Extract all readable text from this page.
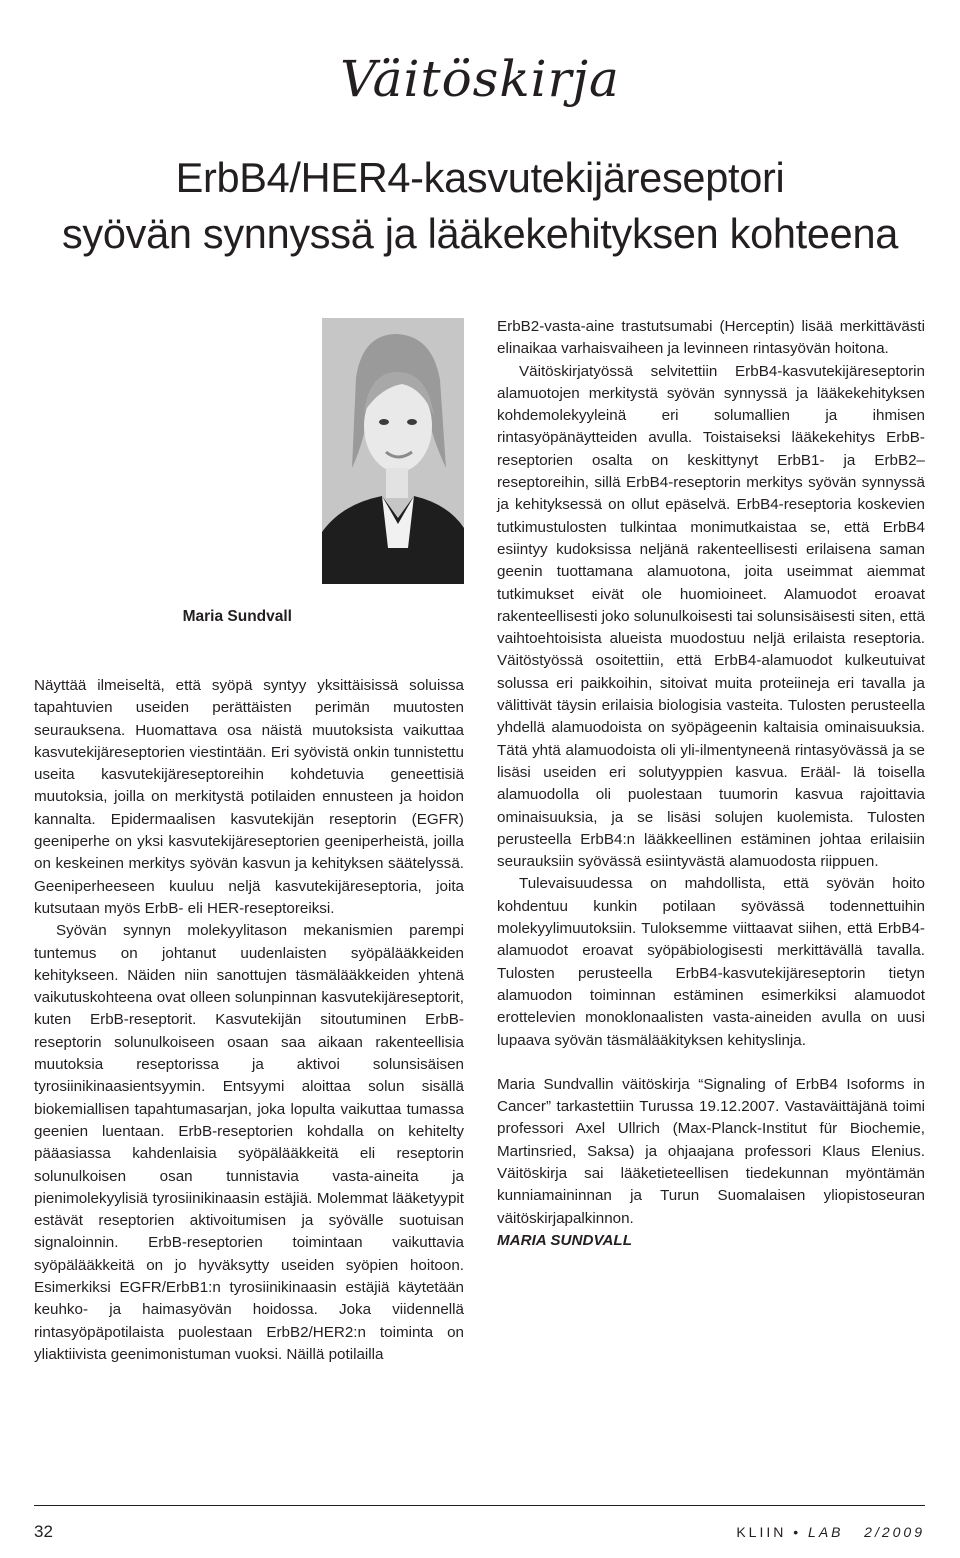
Väitöskirja
ErbB4/HER4-kasvutekijäreseptori
syövän synnyssä ja lääkekehityksen kohteena
Maria Sundvall

Näyttää ilmeiseltä, että syöpä syntyy yksittäisissä soluissa tapahtuvien useiden perättäisten perimän muutosten seurauksena. Huomattava osa näistä muutoksista vaikuttaa kasvutekijäreseptorien viestintään. Eri syövistä onkin tunnistettu useita kasvutekijäreseptoreihin kohdetuvia geneettisiä muutoksia, joilla on merkitystä potilaiden ennusteen ja hoidon kannalta. Epidermaalisen kasvutekijän reseptorin (EGFR) geeniperhe on yksi kasvutekijäreseptorien geeniperheistä, joilla on keskeinen merkitys syövän kasvun ja kehityksen säätelyssä. Geeniperheeseen kuuluu neljä kasvutekijäreseptoria, joita kutsutaan myös ErbB- eli HER-reseptoreiksi.

Syövän synnyn molekyylitason mekanismien parempi tuntemus on johtanut uudenlaisten syöpälääkkeiden kehitykseen. Näiden niin sanottujen täsmälääkkeiden yhtenä vaikutuskohteena ovat olleen solunpinnan kasvutekijäreseptorit, kuten ErbB-reseptorit. Kasvutekijän sitoutuminen ErbB-reseptorin solunulkoiseen osaan saa aikaan rakenteellisia muutoksia reseptorissa ja aktivoi solunsisäisen tyrosiinikinaasientsyymin. Entsyymi aloittaa solun sisällä biokemiallisen tapahtumasarjan, joka lopulta vaikuttaa tumassa geenien luentaan. ErbB-reseptorien kohdalla on kehitelty pääasiassa kahdenlaisia syöpälääkkeitä eli reseptorin solunulkoisen osan tunnistavia vasta-aineita ja pienimolekyylisiä tyrosiinikinaasin estäjiä. Molemmat lääketyypit estävät reseptorien aktivoitumisen ja syövälle suotuisan signaloinnin. ErbB-reseptorien toimintaan vaikuttavia syöpälääkkeitä on jo hyväksytty useiden syöpien hoitoon. Esimerkiksi EGFR/ErbB1:n tyrosiinikinaasin estäjiä käytetään keuhko- ja haimasyövän hoidossa. Joka viidennellä rintasyöpäpotilaista puolestaan ErbB2/HER2:n toiminta on yliaktiivista geenimonistuman vuoksi. Näillä potilailla

ErbB2-vasta-aine trastutsumabi (Herceptin) lisää merkittävästi elinaikaa varhaisvaiheen ja levinneen rintasyövän hoitona.

Väitöskirjatyössä selvitettiin ErbB4-kasvutekijäreseptorin alamuotojen merkitystä syövän synnyssä ja lääkekehityksen kohdemolekyyleinä eri solumallien ja ihmisen rintasyöpänäytteiden avulla. Toistaiseksi lääkekehitys ErbB-reseptorien osalta on keskittynyt ErbB1- ja ErbB2–reseptoreihin, sillä ErbB4-reseptorin merkitys syövän synnyssä ja kehityksessä on ollut epäselvä. ErbB4-reseptoria koskevien tutkimustulosten tulkintaa monimutkaistaa se, että ErbB4 esiintyy kudoksissa neljänä rakenteellisesti erilaisena saman geenin tuottamana alamuotona, joita useimmat aiemmat tutkimukset eivät ole huomioineet. Alamuodot eroavat rakenteellisesti joko solunulkoisesti tai solunsisäisesti siten, että vaihtoehtoisista alueista muodostuu neljä erilaista reseptoria. Väitöstyössä osoitettiin, että ErbB4-alamuodot kulkeutuivat solussa eri paikkoihin, sitoivat muita proteiineja eri tavalla ja välittivät täysin erilaisia biologisia vasteita. Tulosten perusteella yhdellä alamuodoista on syöpägeenin kaltaisia ominaisuuksia. Tätä yhtä alamuodoista oli yli-ilmentyneenä rintasyövässä ja se lisäsi useiden eri solutyyppien kasvua. Erääl- lä toisella alamuodolla oli puolestaan tuumorin kasvua rajoittavia ominaisuuksia, ja se lisäsi solujen kuolemista. Tulosten perusteella ErbB4:n lääkkeellinen estäminen johtaa erilaisiin seurauksiin syövässä esiintyvästä alamuodosta riippuen.

Tulevaisuudessa on mahdollista, että syövän hoito kohdentuu kunkin potilaan syövässä todennettuihin molekyylimuutoksiin. Tuloksemme viittaavat siihen, että ErbB4-alamuodot eroavat syöpäbiologisesti merkittävällä tavalla. Tulosten perusteella ErbB4-kasvutekijäreseptorin tietyn alamuodon toiminnan estäminen esimerkiksi alamuodot erottelevien monoklonaalisten vasta-aineiden avulla on uusi lupaava syövän täsmälääkityksen kehityslinja.

Maria Sundvallin väitöskirja “Signaling of ErbB4 Isoforms in Cancer” tarkastettiin Turussa 19.12.2007. Vastaväittäjänä toimi professori Axel Ullrich (Max-Planck-Institut für Biochemie, Martinsried, Saksa) ja ohjaajana professori Klaus Elenius. Väitöskirja sai lääketieteellisen tiedekunnan myöntämän kunniamaininnan ja Turun Suomalaisen yliopistoseuran väitöskirjapalkinnon.

MARIA SUNDVALL

32	KLIIN • LAB 2/2009
